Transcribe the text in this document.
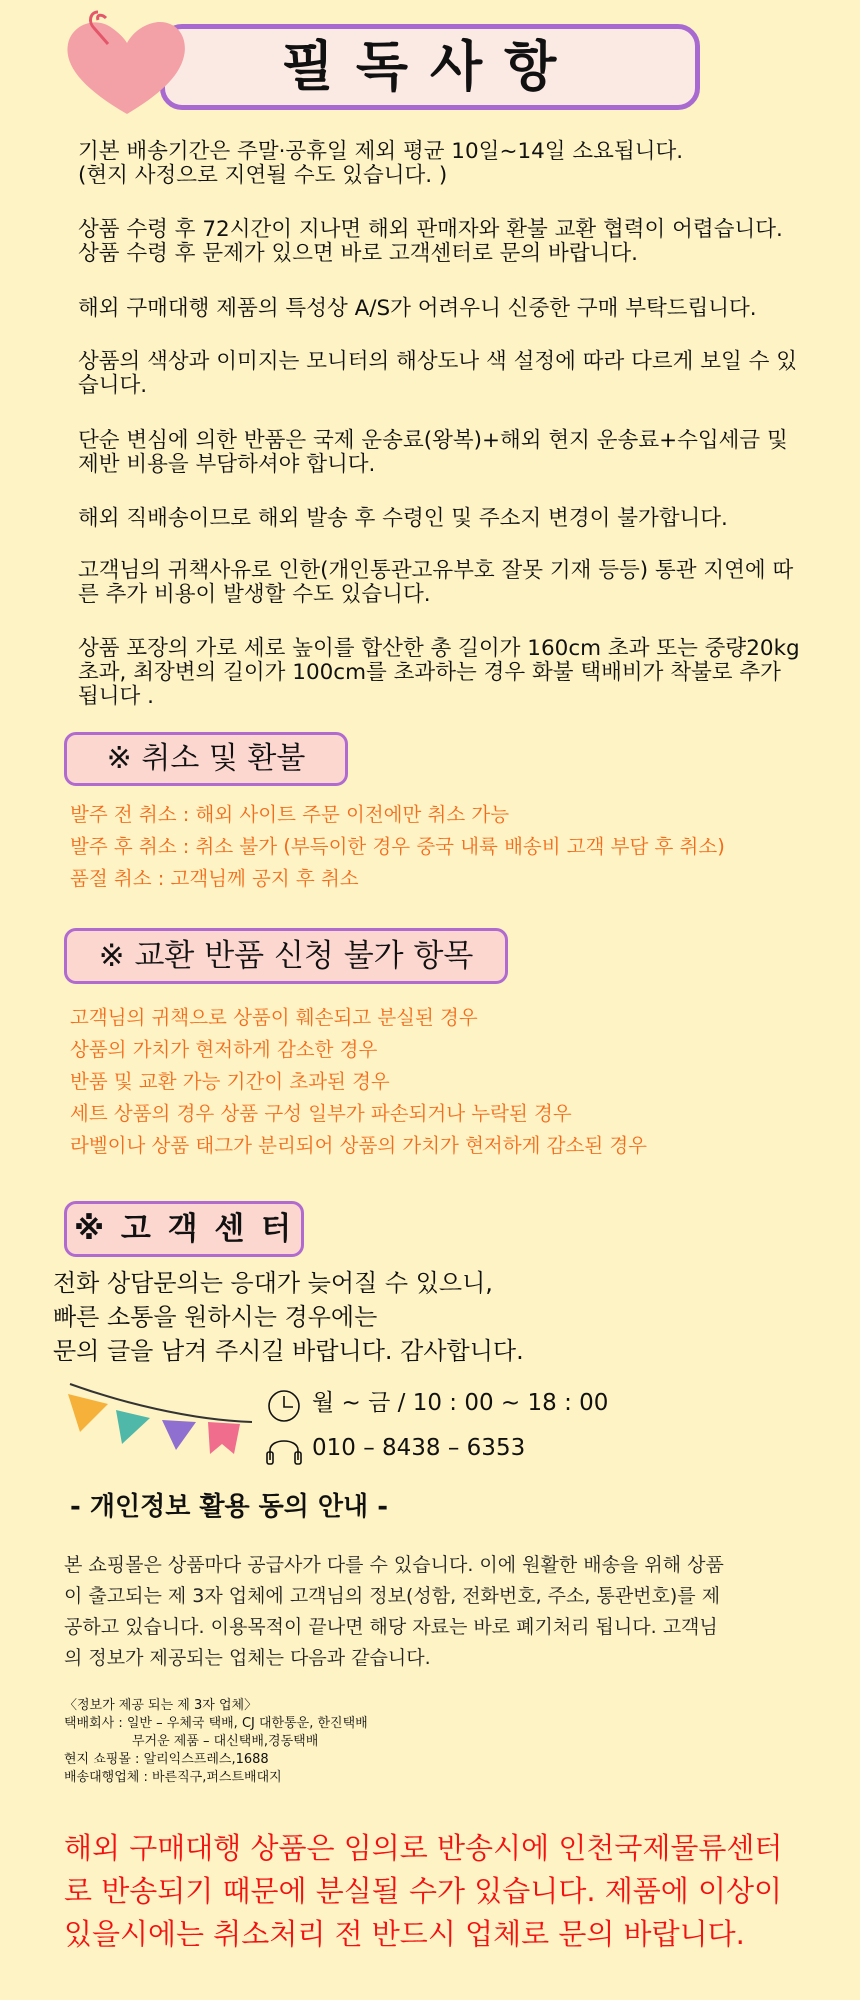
필독사항
기본 배송기간은 주말·공휴일 제외 평균 10일~14일 소요됩니다.
(현지 사정으로 지연될 수도 있습니다. )
상품 수령 후 72시간이 지나면 해외 판매자와 환불 교환 협력이 어렵습니다.
상품 수령 후 문제가 있으면 바로 고객센터로 문의 바랍니다.
해외 구매대행 제품의 특성상 A/S가 어려우니 신중한 구매 부탁드립니다.
상품의 색상과 이미지는 모니터의 해상도나 색 설정에 따라 다르게 보일 수 있
습니다.
단순 변심에 의한 반품은 국제 운송료(왕복)+해외 현지 운송료+수입세금 및
제반 비용을 부담하셔야 합니다.
해외 직배송이므로 해외 발송 후 수령인 및 주소지 변경이 불가합니다.
고객님의 귀책사유로 인한(개인통관고유부호 잘못 기재 등등) 통관 지연에 따
른 추가 비용이 발생할 수도 있습니다.
상품 포장의 가로 세로 높이를 합산한 총 길이가 160cm 초과 또는 중량20kg
초과, 최장변의 길이가 100cm를 초과하는 경우 화불 택배비가 착불로 추가
됩니다 .
※ 취소 및 환불
발주 전 취소 : 해외 사이트 주문 이전에만 취소 가능
발주 후 취소 : 취소 불가 (부득이한 경우 중국 내륙 배송비 고객 부담 후 취소)
품절 취소 : 고객님께 공지 후 취소
※ 교환 반품 신청 불가 항목
고객님의 귀책으로 상품이 훼손되고 분실된 경우
상품의 가치가 현저하게 감소한 경우
반품 및 교환 가능 기간이 초과된 경우
세트 상품의 경우 상품 구성 일부가 파손되거나 누락된 경우
라벨이나 상품 태그가 분리되어 상품의 가치가 현저하게 감소된 경우
※ 고 객 센 터
전화 상담문의는 응대가 늦어질 수 있으니,
빠른 소통을 원하시는 경우에는
문의 글을 남겨 주시길 바랍니다. 감사합니다.
월 ~ 금 / 10 : 00 ~ 18 : 00
010 – 8438 – 6353
- 개인정보 활용 동의 안내 -
본 쇼핑몰은 상품마다 공급사가 다를 수 있습니다. 이에 원활한 배송을 위해 상품
이 출고되는 제 3자 업체에 고객님의 정보(성함, 전화번호, 주소, 통관번호)를 제
공하고 있습니다. 이용목적이 끝나면 해당 자료는 바로 폐기처리 됩니다. 고객님
의 정보가 제공되는 업체는 다음과 같습니다.
〈정보가 제공 되는 제 3자 업체〉
택배회사 : 일반 – 우체국 택배, CJ 대한통운, 한진택배
무거운 제품 – 대신택배,경동택배
현지 쇼핑몰 : 알리익스프레스,1688
배송대행업체 : 바른직구,퍼스트배대지
해외 구매대행 상품은 임의로 반송시에 인천국제물류센터
로 반송되기 때문에 분실될 수가 있습니다. 제품에 이상이
있을시에는 취소처리 전 반드시 업체로 문의 바랍니다.
